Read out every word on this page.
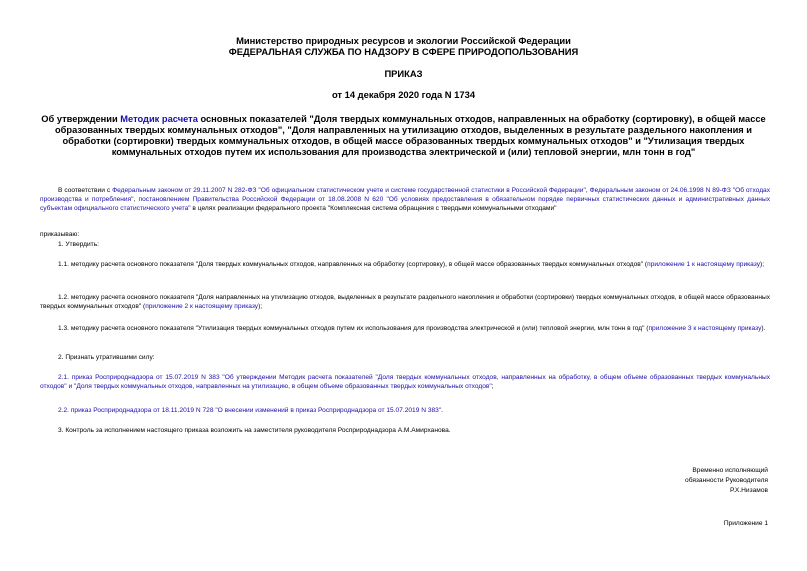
Министерство природных ресурсов и экологии Российской Федерации
ФЕДЕРАЛЬНАЯ СЛУЖБА ПО НАДЗОРУ В СФЕРЕ ПРИРОДОПОЛЬЗОВАНИЯ
ПРИКАЗ
от 14 декабря 2020 года N 1734
Об утверждении Методик расчета основных показателей "Доля твердых коммунальных отходов, направленных на обработку (сортировку), в общей массе образованных твердых коммунальных отходов", "Доля направленных на утилизацию отходов, выделенных в результате раздельного накопления и обработки (сортировки) твердых коммунальных отходов, в общей массе образованных твердых коммунальных отходов" и "Утилизация твердых коммунальных отходов путем их использования для производства электрической и (или) тепловой энергии, млн тонн в год"
В соответствии с Федеральным законом от 29.11.2007 N 282-ФЗ "Об официальном статистическом учете и системе государственной статистики в Российской Федерации", Федеральным законом от 24.06.1998 N 89-ФЗ "Об отходах производства и потребления", постановлением Правительства Российской Федерации от 18.08.2008 N 620 "Об условиях предоставления в обязательном порядке первичных статистических данных и административных данных субъектам официального статистического учета" в целях реализации федерального проекта "Комплексная система обращения с твердыми коммунальными отходами"
приказываю:
1. Утвердить:
1.1. методику расчета основного показателя "Доля твердых коммунальных отходов, направленных на обработку (сортировку), в общей массе образованных твердых коммунальных отходов" (приложение 1 к настоящему приказу);
1.2. методику расчета основного показателя "Доля направленных на утилизацию отходов, выделенных в результате раздельного накопления и обработки (сортировки) твердых коммунальных отходов, в общей массе образованных твердых коммунальных отходов" (приложение 2 к настоящему приказу);
1.3. методику расчета основного показателя "Утилизация твердых коммунальных отходов путем их использования для производства электрической и (или) тепловой энергии, млн тонн в год" (приложение 3 к настоящему приказу).
2. Признать утратившими силу:
2.1. приказ Росприроднадзора от 15.07.2019 N 383 "Об утверждении Методик расчета показателей "Доля твердых коммунальных отходов, направленных на обработку, в общем объеме образованных твердых коммунальных отходов" и "Доля твердых коммунальных отходов, направленных на утилизацию, в общем объеме образованных твердых коммунальных отходов";
2.2. приказ Росприроднадзора от 18.11.2019 N 728 "О внесении изменений в приказ Росприроднадзора от 15.07.2019 N 383".
3. Контроль за исполнением настоящего приказа возложить на заместителя руководителя Росприроднадзора А.М.Амирханова.
Временно исполняющий
обязанности Руководителя
Р.Х.Низамов
Приложение 1
